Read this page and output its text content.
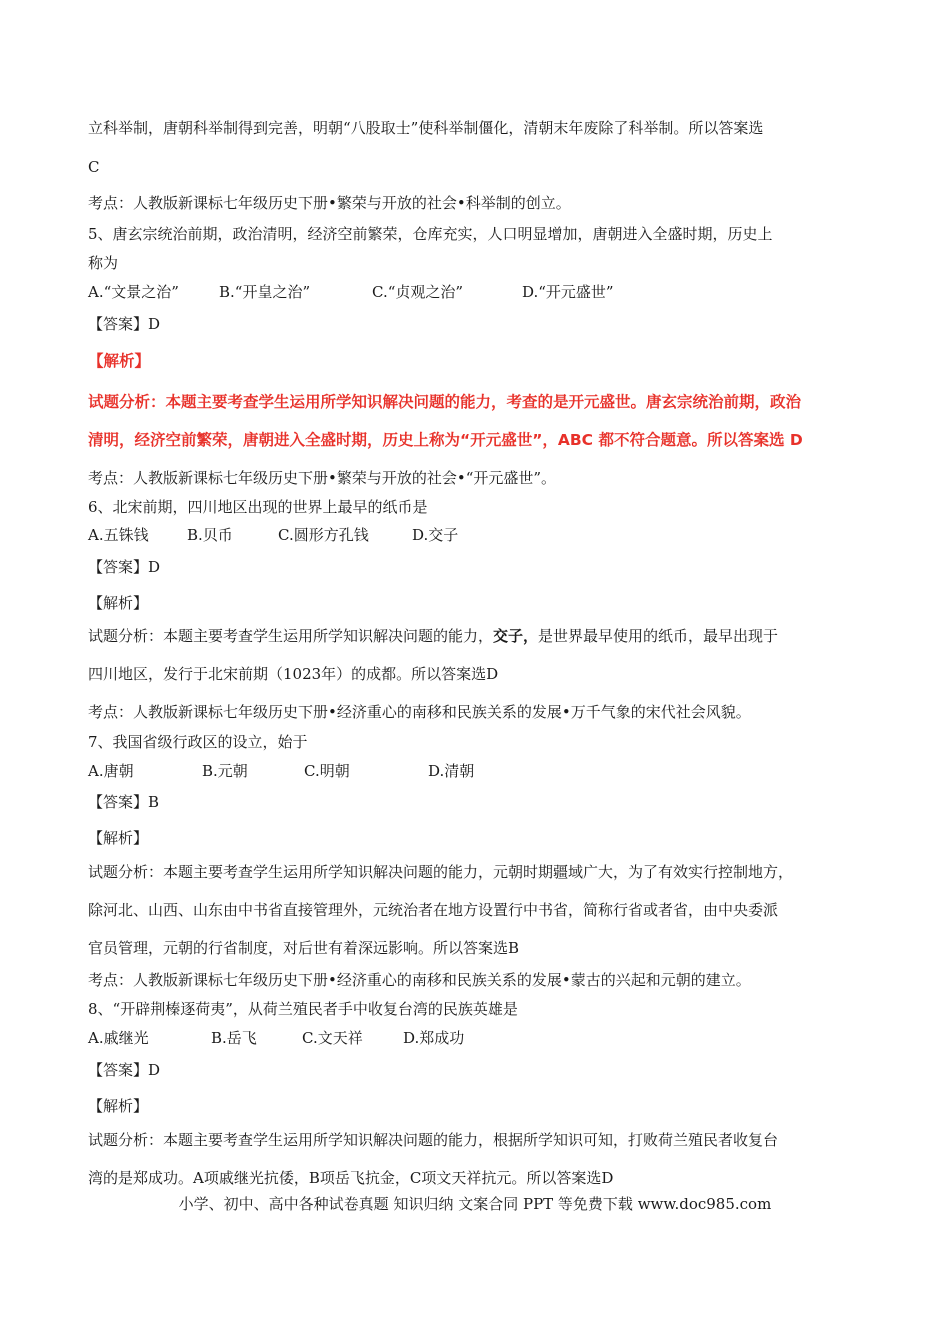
立科举制，唐朝科举制得到完善，明朝“八股取士”使科举制僵化，清朝末年废除了科举制。所以答案选
C
考点：人教版新课标七年级历史下册•繁荣与开放的社会•科举制的创立。
5、唐玄宗统治前期，政治清明，经济空前繁荣，仓库充实，人口明显增加，唐朝进入全盛时期，历史上
称为
A.“文景之治”	B.“开皇之治”	C.“贞观之治”	D.“开元盛世”
【答案】D
【解析】
试题分析：本题主要考查学生运用所学知识解决问题的能力，考查的是开元盛世。唐玄宗统治前期，政治
清明，经济空前繁荣，唐朝进入全盛时期，历史上称为“开元盛世”，ABC 都不符合题意。所以答案选 D
考点：人教版新课标七年级历史下册•繁荣与开放的社会•“开元盛世”。
6、北宋前期，四川地区出现的世界上最早的纸币是
A.五铢钱	B.贝币	C.圆形方孔钱	D.交子
【答案】D
【解析】
试题分析：本题主要考查学生运用所学知识解决问题的能力，交子，是世界最早使用的纸币，最早出现于
四川地区，发行于北宋前期（1023年）的成都。所以答案选D
考点：人教版新课标七年级历史下册•经济重心的南移和民族关系的发展•万千气象的宋代社会风貌。
7、我国省级行政区的设立，始于
A.唐朝	B.元朝	C.明朝	D.清朝
【答案】B
【解析】
试题分析：本题主要考查学生运用所学知识解决问题的能力，元朝时期疆域广大，为了有效实行控制地方，
除河北、山西、山东由中书省直接管理外，元统治者在地方设置行中书省，简称行省或者省，由中央委派
官员管理，元朝的行省制度，对后世有着深远影响。所以答案选B
考点：人教版新课标七年级历史下册•经济重心的南移和民族关系的发展•蒙古的兴起和元朝的建立。
8、“开辟荆榛逐荷夷”，从荷兰殖民者手中收复台湾的民族英雄是
A.戚继光	B.岳飞	C.文天祥	D.郑成功
【答案】D
【解析】
试题分析：本题主要考查学生运用所学知识解决问题的能力，根据所学知识可知，打败荷兰殖民者收复台
湾的是郑成功。A项戚继光抗倭，B项岳飞抗金，C项文天祥抗元。所以答案选D
小学、初中、高中各种试卷真题 知识归纳 文案合同 PPT 等免费下载 www.doc985.com
